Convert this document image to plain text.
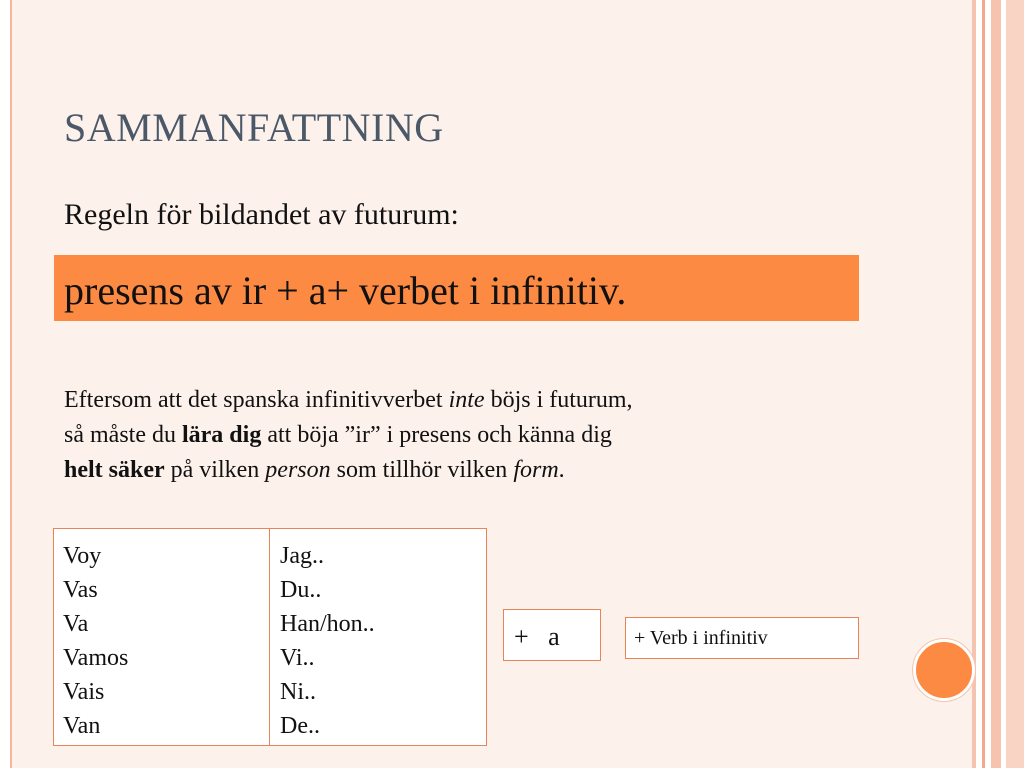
SAMMANFATTNING
Regeln för bildandet av futurum:
presens av ir + a+ verbet i infinitiv.
Eftersom att det spanska infinitivverbet inte böjs i futurum,
så måste du lära dig att böja ”ir” i presens och känna dig
helt säker på vilken person som tillhör vilken form.
Voy
Vas
Va
Vamos
Vais
Van
Jag..
Du..
Han/hon..
Vi..
Ni..
De..
+   a	+ Verb i infinitiv
